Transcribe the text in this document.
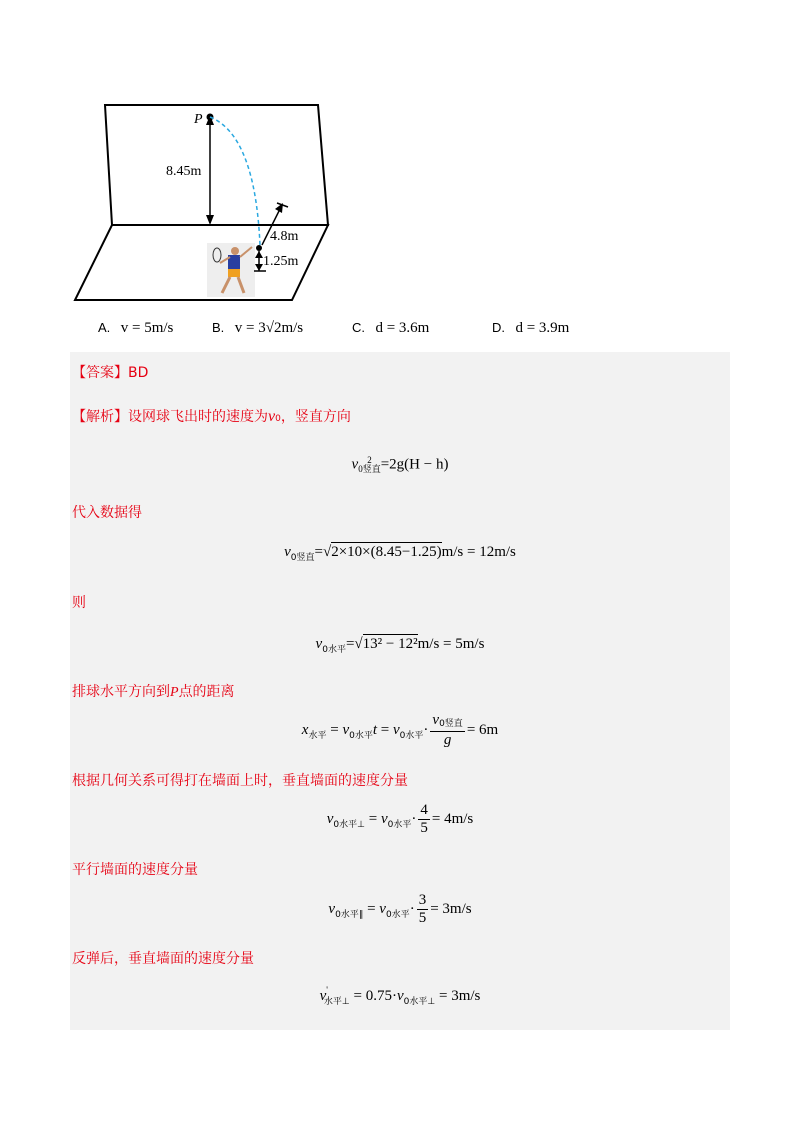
P
8.45m
4.8m
1.25m
A. v = 5m/s	B. v = 3√2m/s	C. d = 3.6m	D. d = 3.9m
【答案】BD
【解析】设网球飞出时的速度为v0，竖直方向
v	2
0竖直 =2g(H − h)
代入数据得
$v_{0竖直}=√2\times 10\times(8.45-1.25)m/s = 12m/s$
则
$v_{0水平}=√13^2 - 12^2m/s = 5m/s$
排球水平方向到P点的距离
$x_{水平} = v_{0水平}t = v_{0水平}\cdot \frac{\text{v0竖直}}{g} = 6m$
根据几何关系可得打在墙面上时，垂直墙面的速度分量
$v_{0水平\perp} = v_{0水平}\cdot \frac{4}{5} = 4m/s$
平行墙面的速度分量
$v_{0水平\parallel} = v_{0水平}\cdot \frac{3}{5} = 3m/s$
反弹后，垂直墙面的速度分量
$v'_{水平\perp} = 0.75\cdot v_{0水平\perp} = 3m/s$
